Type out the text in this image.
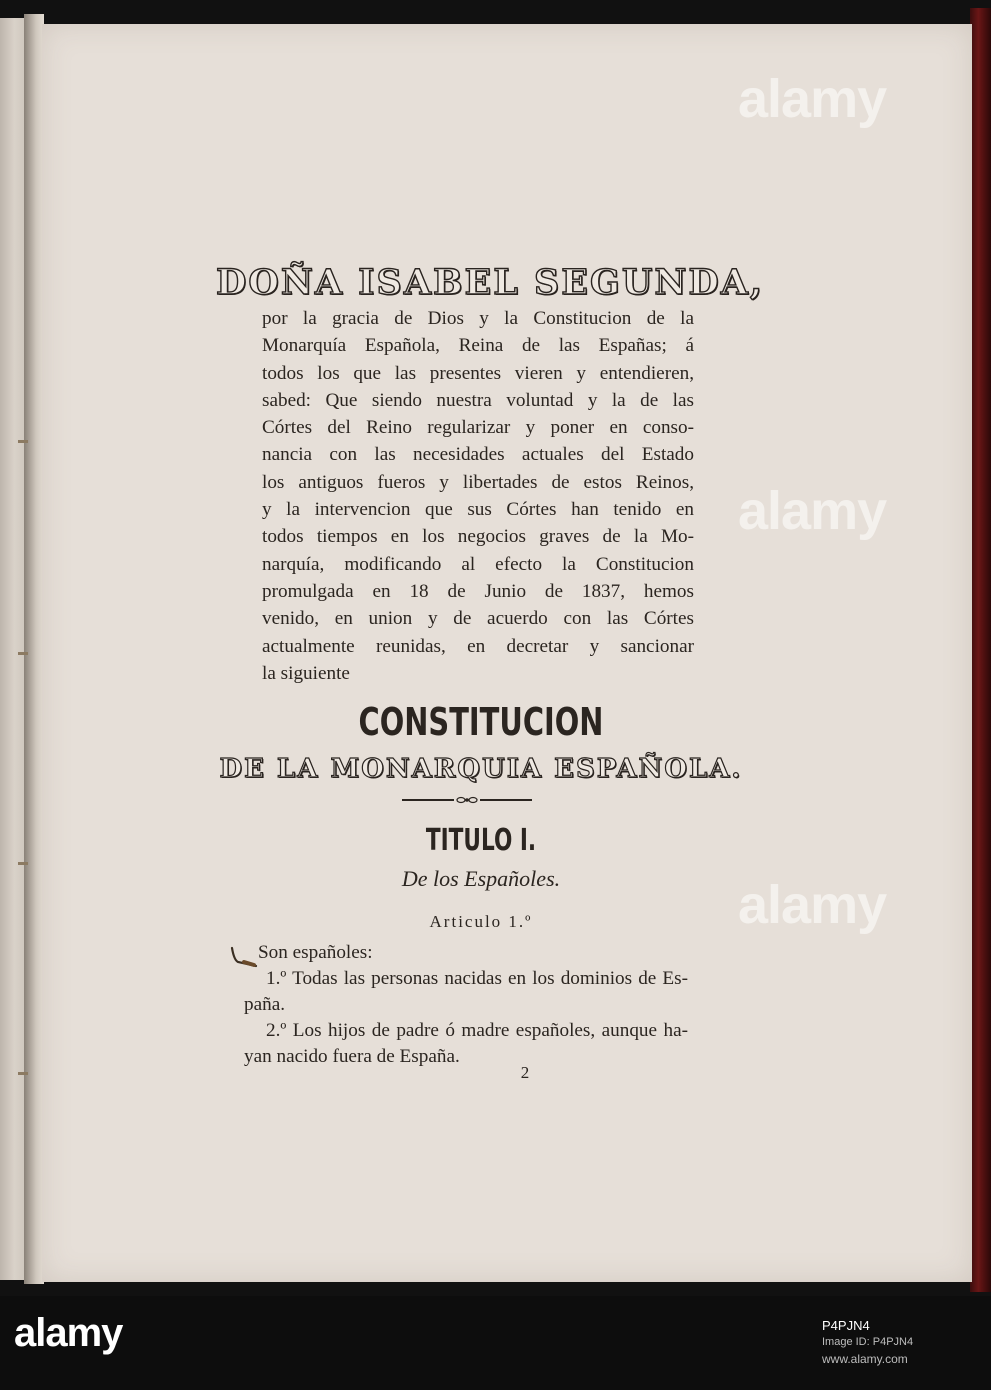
alamy
alamy
alamy
DOÑA ISABEL SEGUNDA,
por la gracia de Dios y la Constitucion de la
Monarquía Española, Reina de las Españas; á
todos los que las presentes vieren y entendieren,
sabed: Que siendo nuestra voluntad y la de las
Córtes del Reino regularizar y poner en conso-
nancia con las necesidades actuales del Estado
los antiguos fueros y libertades de estos Reinos,
y la intervencion que sus Córtes han tenido en
todos tiempos en los negocios graves de la Mo-
narquía, modificando al efecto la Constitucion
promulgada en 18 de Junio de 1837, hemos
venido, en union y de acuerdo con las Córtes
actualmente reunidas, en decretar y sancionar
la siguiente
CONSTITUCION
DE LA MONARQUIA ESPAÑOLA.
TITULO I.
De los Españoles.
Articulo 1.º
Son españoles:
1.º Todas las personas nacidas en los dominios de Es-
paña.
2.º Los hijos de padre ó madre españoles, aunque ha-
yan nacido fuera de España.
2
alamy	P4PJN4
Image ID: P4PJN4
www.alamy.com
